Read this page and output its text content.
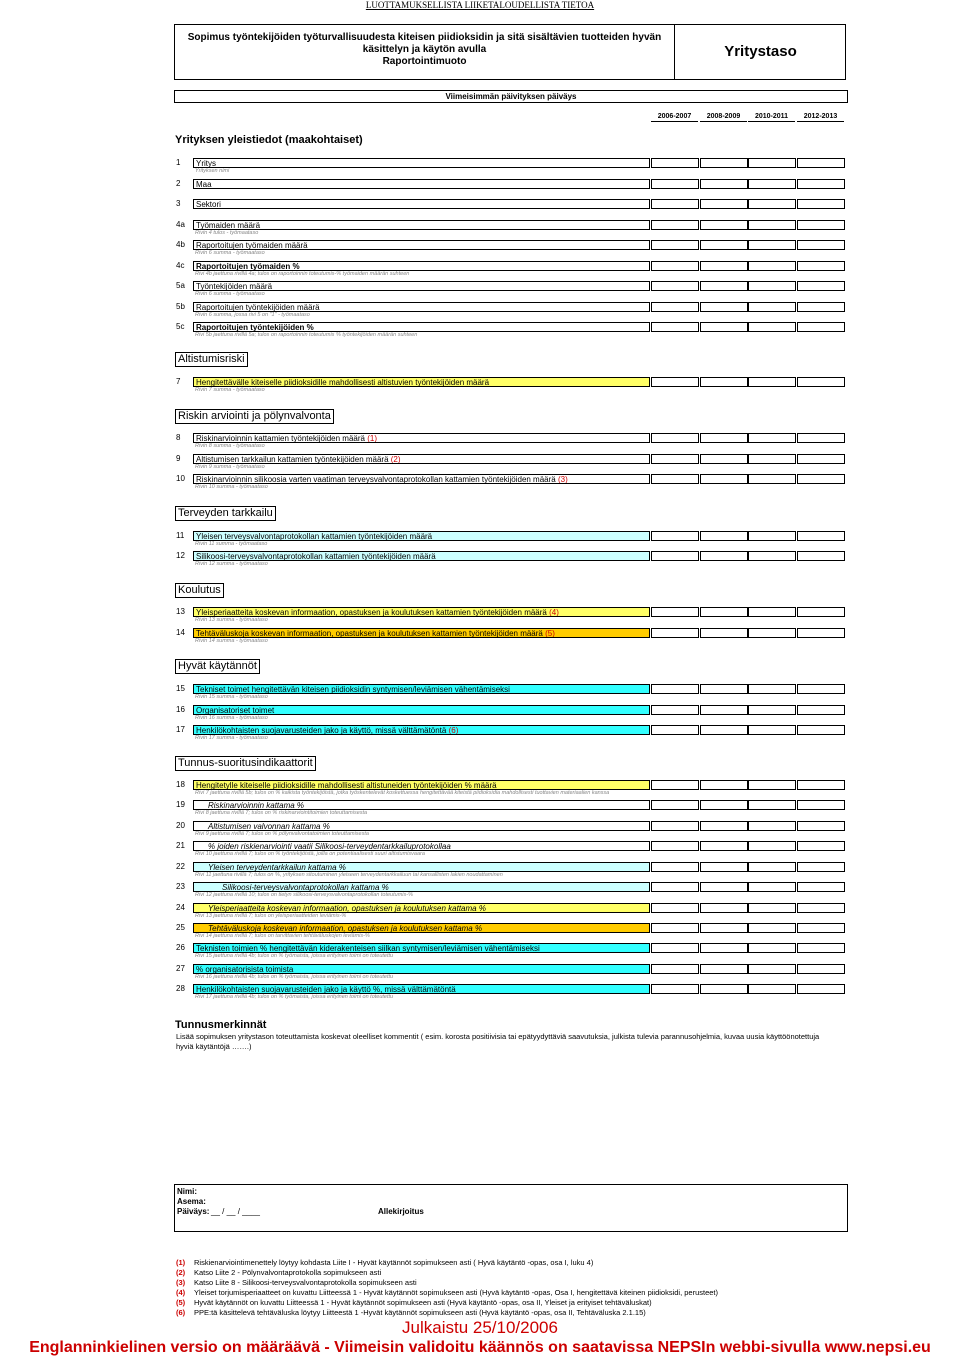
LUOTTAMUKSELLISTA LIIKETALOUDELLISTA TIETOA
Sopimus työntekijöiden työturvallisuudesta kiteisen piidioksidin ja sitä sisältävien tuotteiden hyvän
käsittelyn ja käytön avulla
Raportointimuoto
Yritystaso
Viimeisimmän päivityksen päiväys
2006-2007	2008-2009	2010-2011	2012-2013
Yrityksen yleistiedot (maakohtaiset)
1	Yritys
Yrityksen nimi
2	Maa
3	Sektori
4a	Työmaiden määrä
Rivin 4 tulos - työmaataso
4b	Raportoitujen työmaiden määrä
Rivin 6 summa - työmaataso
4c	Raportoitujen työmaiden %
Rivi 4b jaettuna rivillä 4a; tulos on raportoinnin toteutumis-% työmaiden määrän suhteen
5a	Työntekijöiden määrä
Rivin 6 summa - työmaataso
5b	Raportoitujen työntekijöiden määrä
Rivin 6 summa, jossa rivi 5 on "1" - työmaataso
5c	Raportoitujen työntekijöiden %
Rivi 5b jaettuna rivillä 5a; tulos on raportoinnin toteutumis % työntekijöiden määrän suhteen
Altistumisriski
7	Hengitettävälle kiteiselle piidioksidille mahdollisesti altistuvien työntekijöiden määrä
Rivin 7 summa - työmaataso
Riskin arviointi ja pölynvalvonta
8	Riskinarvioinnin kattamien työntekijöiden määrä (1)
Rivin 8 summa - työmaataso
9	Altistumisen tarkkailun kattamien työntekijöiden määrä (2)
Rivin 9 summa - työmaataso
10	Riskinarvioinnin silikoosia varten vaatiman terveysvalvontaprotokollan kattamien työntekijöiden määrä (3)
Rivin 10 summa - työmaataso
Terveyden tarkkailu
11	Yleisen terveysvalvontaprotokollan kattamien työntekijöiden määrä
Rivin 11 summa - työmaataso
12	Silikoosi-terveysvalvontaprotokollan kattamien työntekijöiden määrä
Rivin 12 summa - työmaataso
Koulutus
13	Yleisperiaatteita koskevan informaation, opastuksen ja koulutuksen kattamien työntekijöiden määrä (4)
Rivin 13 summa - työmaataso
14	Tehtäväluskoja koskevan informaation, opastuksen ja koulutuksen kattamien työntekijöiden määrä (5)
Rivin 14 summa - työmaataso
Hyvät käytännöt
15	Tekniset toimet hengitettävän kiteisen piidioksidin syntymisen/leviämisen vähentämiseksi
Rivin 15 summa - työmaataso
16	Organisatoriset toimet
Rivin 16 summa - työmaataso
17	Henkilökohtaisten suojavarusteiden jako ja käyttö, missä välttämätöntä (6)
Rivin 17 summa - työmaataso
Tunnus-suoritusindikaattorit
18	Hengitetylle kiteiselle piidioksidille mahdollisesti altistuneiden työntekijöiden % määrä
Rivi 7 jaettuna rivillä 5b; tulos on % kaikista työntekijöistä, jotka työskentelevät koskettuessa hengitettävää kiteistä piidioksidia mahdollisesti tuottavien materiaalien kanssa
19	Riskinarvioinnin kattama %
Rivi 8 jaettuna rivillä 7; tulos on % riskinarviointitoimien toteuttamisesta
20	Altistumisen valvonnan kattama %
Rivi 9 jaettuna rivillä 7; tulos on % pölynvalvontatoimien toteuttamisesta
21	% joiden riskienarviointi vaatii Silikoosi-terveydentarkkailuprotokollaa
Rivi 10 jaettuna rivillä 7; tulos on % työntekijöistä, joilla on potentiaalisesti suuri altistumisvaara
22	Yleisen terveydentarkkailun kattama %
Rivi 11 jaettuna rivillä 7; tulos on %, yrityksen sitoutuminen yleiseen terveydentarkkailuun tai kansallisten lakien noudattaminen
23	Silikoosi-terveysvalvontaprotokollan kattama %
Rivi 12 jaettuna rivillä 10; tulos on tietyn silikoosi-terveysvalvontaprotokollan toteutumis-%
24	Yleisperiaatteita koskevan informaation, opastuksen ja koulutuksen kattama %
Rivi 13 jaettuna rivillä 7; tulos on yleisperiaatteiden leviämis-%
25	Tehtäväluskoja koskevan informaation, opastuksen ja koulutuksen kattama %
Rivi 14 jaettuna rivillä 7; tulos on tarvittavien tehtäväluskojen leviämis-%
26	Teknisten toimien % hengitettävän kiderakenteisen siilkan syntymisen/leviämisen vähentämiseksi
Rivi 15 jaettuna rivillä 4b; tulos on % työmaista, joissa erityinen toimi on toteutettu
27	% organisatorisista toimista
Rivi 16 jaettuna rivillä 4b; tulos on % työmaista, joissa erityinen toimi on toteutettu
28	Henkilökohtaisten suojavarusteiden jako ja käyttö %, missä välttämätöntä
Rivi 17 jaettuna rivillä 4b; tulos on % työmaista, joissa erityinen toimi on toteutettu
Tunnusmerkinnät
Lisää sopimuksen yritystason toteuttamista koskevat oleelliset kommentit ( esim. korosta positiivisia tai epätyydyttäviä saavutuksia, julkista tulevia parannusohjelmia, kuvaa uusia käyttöönotettuja hyviä käytäntöjä …….)
Nimi:
Asema:
Päiväys: __ / __ / ____	Allekirjoitus
(1) Riskienarviointimenettely löytyy kohdasta Liite I - Hyvät käytännöt sopimukseen asti ( Hyvä käytäntö -opas, osa I, luku 4)
(2) Katso Liite 2 - Pölynvalvontaprotokolla sopimukseen asti
(3) Katso Liite 8 - Silikoosi-terveysvalvontaprotokolla sopimukseen asti
(4) Yleiset torjumisperiaatteet on kuvattu Liitteessä 1 - Hyvät käytännöt sopimukseen asti (Hyvä käytäntö -opas, Osa I, hengitettävä kiteinen piidioksidi, perusteet)
(5) Hyvät käytännöt on kuvattu Liitteessä 1 - Hyvät käytännöt sopimukseen asti (Hyvä käytäntö -opas, osa II, Yleiset ja erityiset tehtäväluskat)
(6) PPE:tä käsittelevä tehtäväluska löytyy Liitteestä 1 -Hyvät käytännöt sopimukseen asti (Hyvä käytäntö -opas, osa II, Tehtäväluska 2.1.15)
Julkaistu 25/10/2006
Englanninkielinen versio on määräävä - Viimeisin validoitu käännös on saatavissa NEPSIn webbi-sivulla www.nepsi.eu
